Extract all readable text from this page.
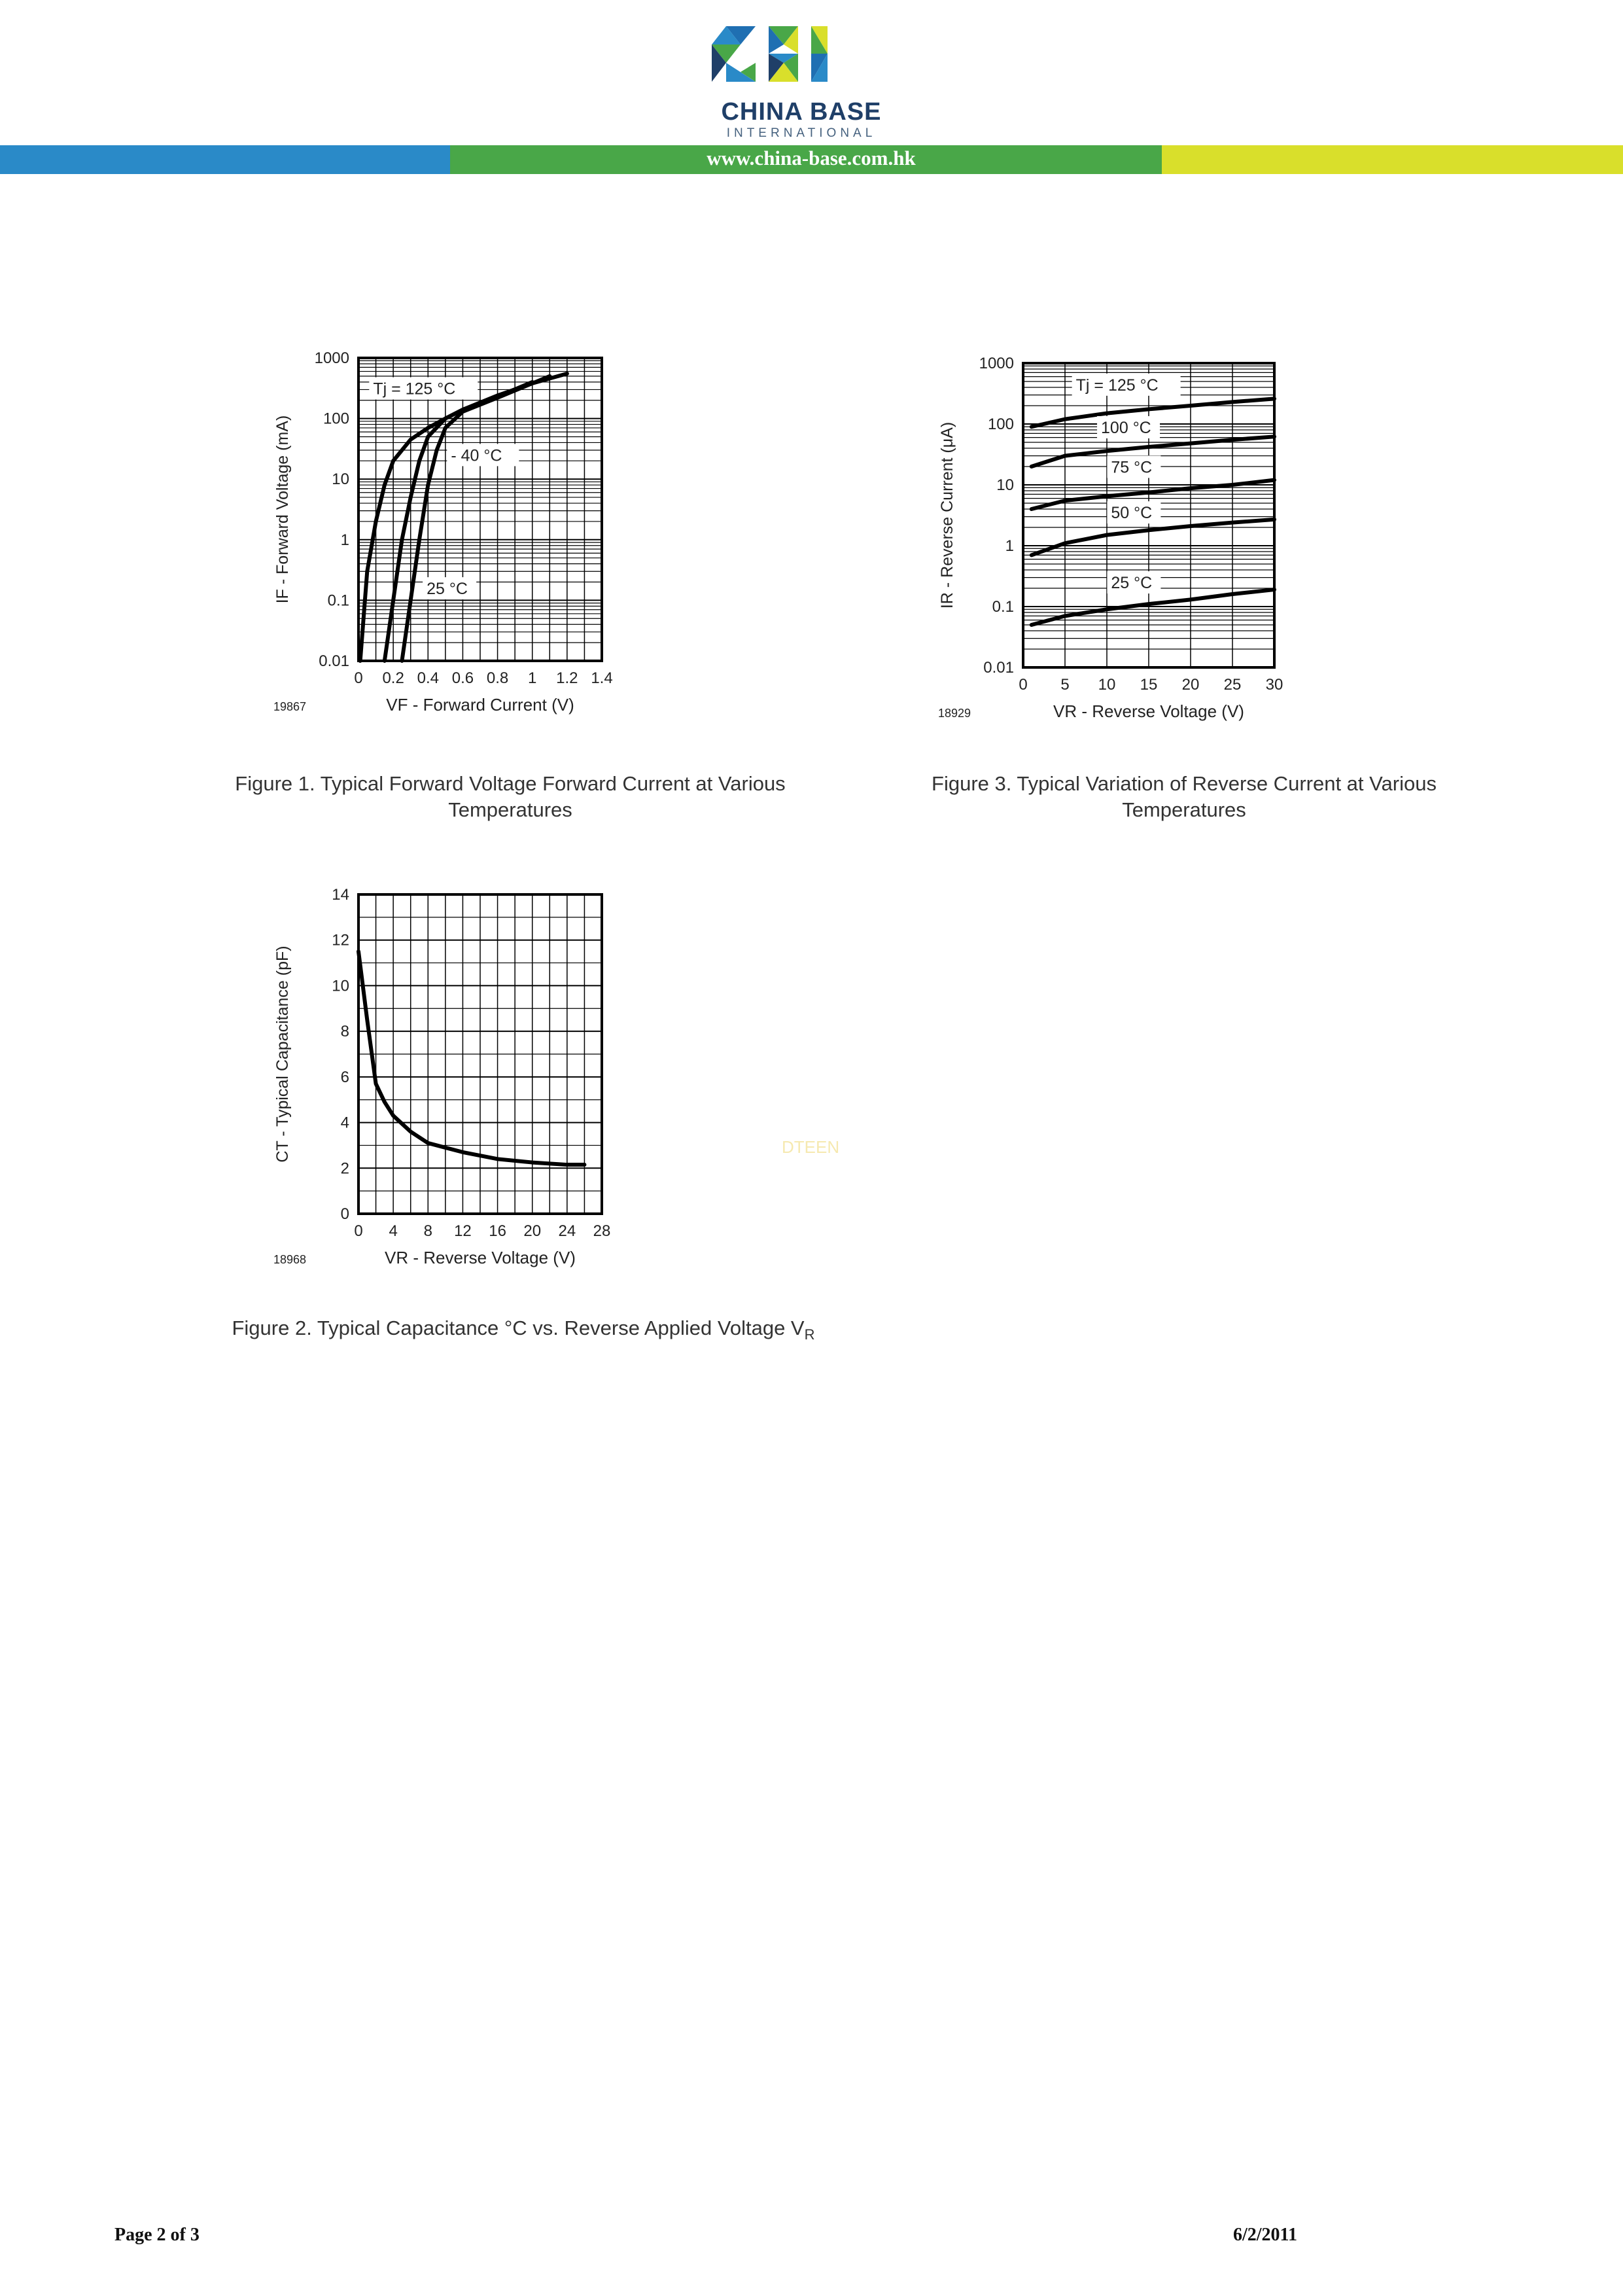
CHINA BASE
INTERNATIONAL
www.china-base.com.hk
0 0.2 0.4 0.6 0.8 1 1.2 1.4
0.01
0.1
1
10
100
1000
VF - Forward Current (V)
IF - Forward Voltage (mA)
19867
Tj = 125 °C
- 40 °C
25 °C
Figure 1. Typical Forward Voltage Forward Current at Various
Temperatures
0 5 10 15 20 25 30
0.01
0.1
1
10
100
1000
VR - Reverse Voltage (V)
IR - Reverse Current (μA)
18929
Tj = 125 °C
100 °C
75 °C
50 °C
25 °C
Figure 3. Typical Variation of Reverse Current at Various
Temperatures
0 4 8 12 16 20 24 28
0
2
4
6
8
10
12
14
VR - Reverse Voltage (V)
CT - Typical Capacitance (pF)
18968
Figure 2. Typical Capacitance °C vs. Reverse Applied Voltage $V_R$
DTEEN
Page 2 of 3	6/2/2011
